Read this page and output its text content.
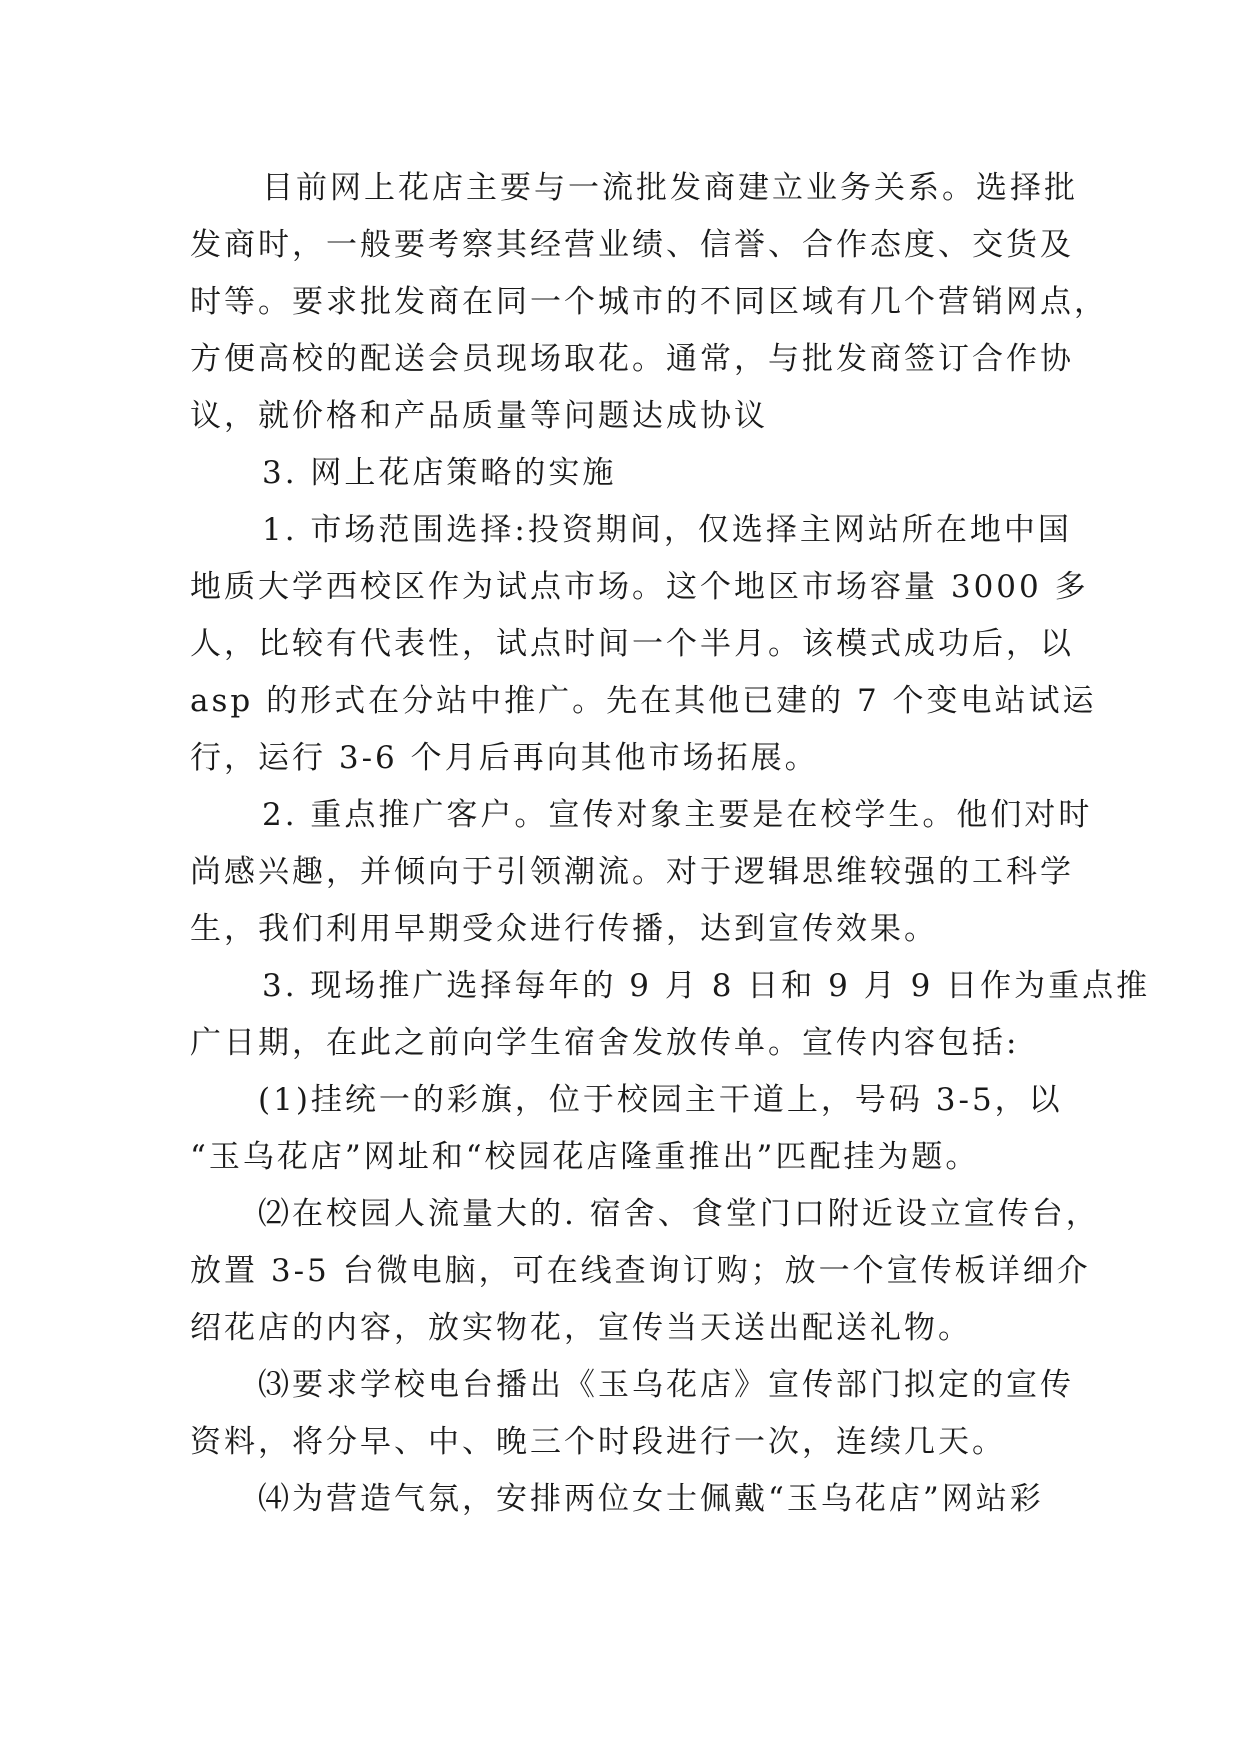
目前网上花店主要与一流批发商建立业务关系。选择批
发商时，一般要考察其经营业绩、信誉、合作态度、交货及
时等。要求批发商在同一个城市的不同区域有几个营销网点，
方便高校的配送会员现场取花。通常，与批发商签订合作协
议，就价格和产品质量等问题达成协议
3. 网上花店策略的实施
1. 市场范围选择:投资期间，仅选择主网站所在地中国
地质大学西校区作为试点市场。这个地区市场容量 3000 多
人，比较有代表性，试点时间一个半月。该模式成功后，以
asp 的形式在分站中推广。先在其他已建的 7 个变电站试运
行，运行 3-6 个月后再向其他市场拓展。
2. 重点推广客户。宣传对象主要是在校学生。他们对时
尚感兴趣，并倾向于引领潮流。对于逻辑思维较强的工科学
生，我们利用早期受众进行传播，达到宣传效果。
3. 现场推广选择每年的 9 月 8 日和 9 月 9 日作为重点推
广日期，在此之前向学生宿舍发放传单。宣传内容包括:
(1)挂统一的彩旗，位于校园主干道上，号码 3-5，以
“玉乌花店”网址和“校园花店隆重推出”匹配挂为题。
⑵在校园人流量大的. 宿舍、食堂门口附近设立宣传台，
放置 3-5 台微电脑，可在线查询订购；放一个宣传板详细介
绍花店的内容，放实物花，宣传当天送出配送礼物。
⑶要求学校电台播出《玉乌花店》宣传部门拟定的宣传
资料，将分早、中、晚三个时段进行一次，连续几天。
⑷为营造气氛，安排两位女士佩戴“玉乌花店”网站彩
